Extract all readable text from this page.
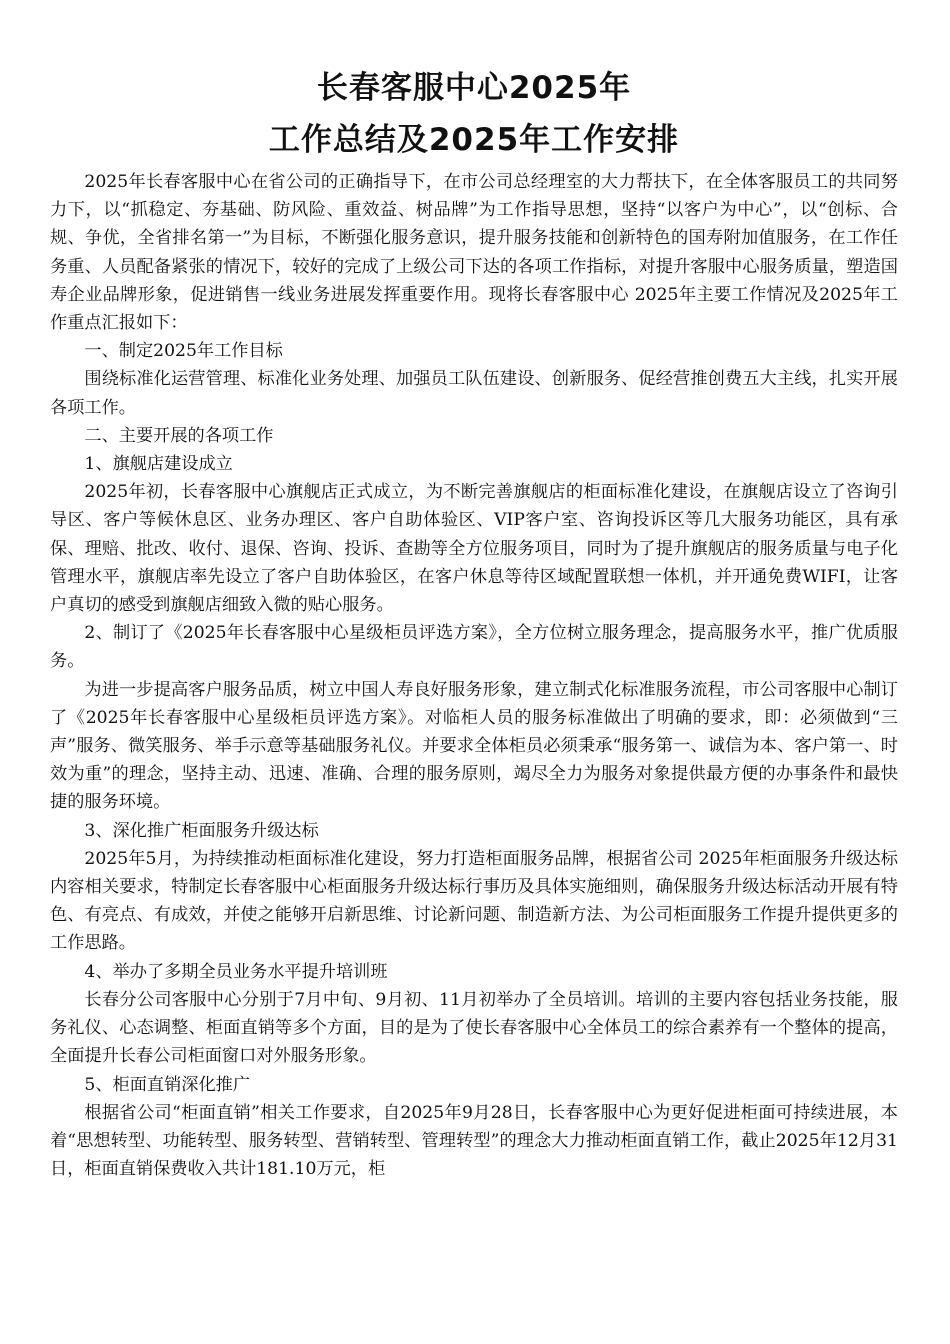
长春客服中心2025年
工作总结及2025年工作安排

2025年长春客服中心在省公司的正确指导下，在市公司总经理室的大力帮扶下，在全体客服员工的共同努力下，以“抓稳定、夯基础、防风险、重效益、树品牌”为工作指导思想，坚持“以客户为中心”，以“创标、合规、争优，全省排名第一”为目标，不断强化服务意识，提升服务技能和创新特色的国寿附加值服务，在工作任务重、人员配备紧张的情况下，较好的完成了上级公司下达的各项工作指标，对提升客服中心服务质量，塑造国寿企业品牌形象，促进销售一线业务进展发挥重要作用。现将长春客服中心 2025年主要工作情况及2025年工作重点汇报如下：

一、制定2025年工作目标

围绕标准化运营管理、标准化业务处理、加强员工队伍建设、创新服务、促经营推创费五大主线，扎实开展各项工作。

二、主要开展的各项工作

1、旗舰店建设成立

2025年初，长春客服中心旗舰店正式成立，为不断完善旗舰店的柜面标准化建设，在旗舰店设立了咨询引导区、客户等候休息区、业务办理区、客户自助体验区、VIP客户室、咨询投诉区等几大服务功能区，具有承保、理赔、批改、收付、退保、咨询、投诉、查勘等全方位服务项目，同时为了提升旗舰店的服务质量与电子化管理水平，旗舰店率先设立了客户自助体验区，在客户休息等待区域配置联想一体机，并开通免费WIFI，让客户真切的感受到旗舰店细致入微的贴心服务。

2、制订了《2025年长春客服中心星级柜员评选方案》，全方位树立服务理念，提高服务水平，推广优质服务。

为进一步提高客户服务品质，树立中国人寿良好服务形象，建立制式化标准服务流程，市公司客服中心制订了《2025年长春客服中心星级柜员评选方案》。对临柜人员的服务标准做出了明确的要求，即：必须做到“三声”服务、微笑服务、举手示意等基础服务礼仪。并要求全体柜员必须秉承“服务第一、诚信为本、客户第一、时效为重”的理念，坚持主动、迅速、准确、合理的服务原则，竭尽全力为服务对象提供最方便的办事条件和最快捷的服务环境。

3、深化推广柜面服务升级达标

2025年5月，为持续推动柜面标准化建设，努力打造柜面服务品牌，根据省公司 2025年柜面服务升级达标内容相关要求，特制定长春客服中心柜面服务升级达标行事历及具体实施细则，确保服务升级达标活动开展有特色、有亮点、有成效，并使之能够开启新思维、讨论新问题、制造新方法、为公司柜面服务工作提升提供更多的工作思路。

4、举办了多期全员业务水平提升培训班

长春分公司客服中心分别于7月中旬、9月初、11月初举办了全员培训。培训的主要内容包括业务技能，服务礼仪、心态调整、柜面直销等多个方面，目的是为了使长春客服中心全体员工的综合素养有一个整体的提高，全面提升长春公司柜面窗口对外服务形象。

5、柜面直销深化推广

根据省公司“柜面直销”相关工作要求，自2025年9月28日，长春客服中心为更好促进柜面可持续进展，本着“思想转型、功能转型、服务转型、营销转型、管理转型”的理念大力推动柜面直销工作，截止2025年12月31日，柜面直销保费收入共计181.10万元，柜
